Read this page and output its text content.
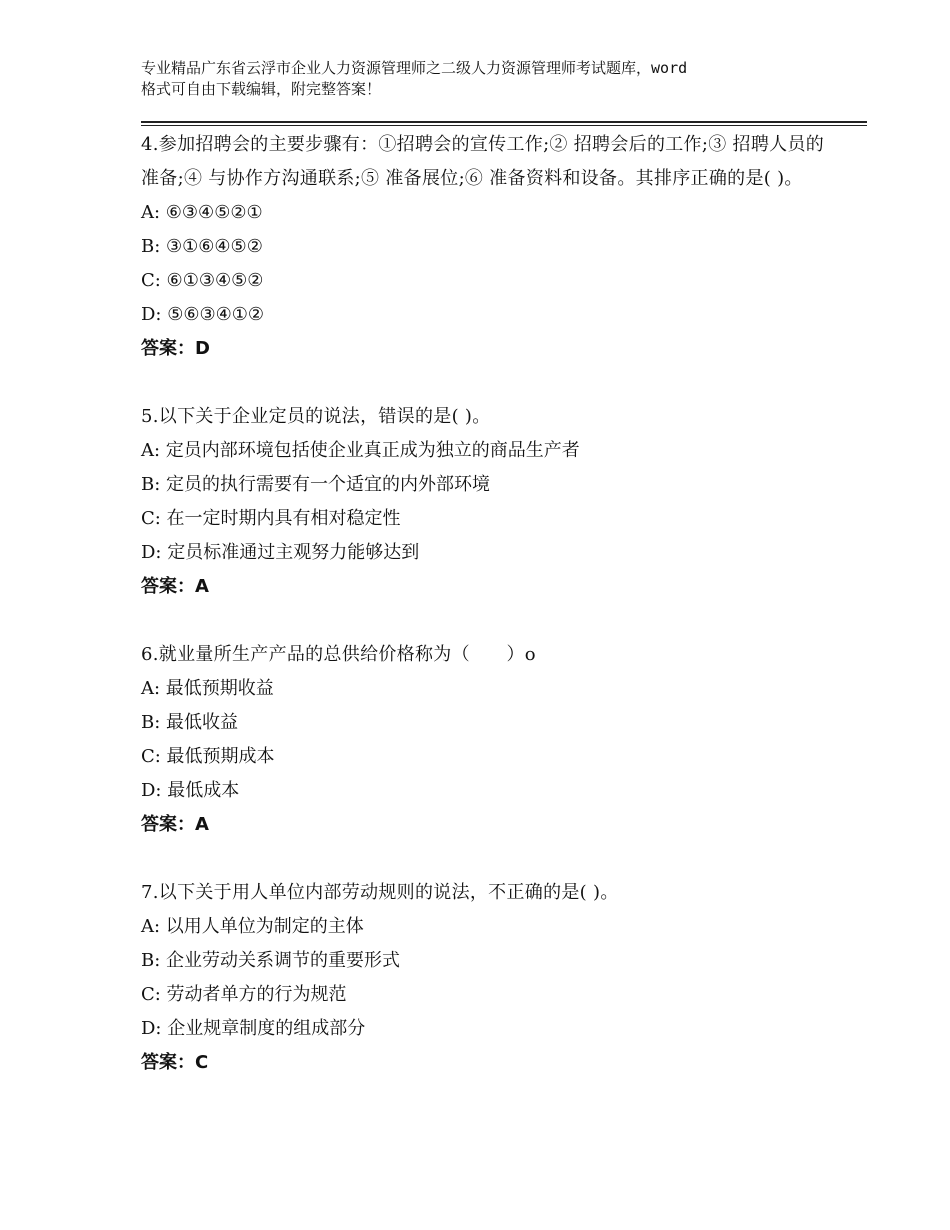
专业精品广东省云浮市企业人力资源管理师之二级人力资源管理师考试题库，word
格式可自由下载编辑，附完整答案！

4.参加招聘会的主要步骤有：①招聘会的宣传工作;② 招聘会后的工作;③ 招聘人员的准备;④ 与协作方沟通联系;⑤ 准备展位;⑥ 准备资料和设备。其排序正确的是( )。

A: ⑥③④⑤②①

B: ③①⑥④⑤②

C: ⑥①③④⑤②

D: ⑤⑥③④①②

答案：D

5.以下关于企业定员的说法，错误的是( )。

A: 定员内部环境包括使企业真正成为独立的商品生产者

B: 定员的执行需要有一个适宜的内外部环境

C: 在一定时期内具有相对稳定性

D: 定员标准通过主观努力能够达到

答案：A

6.就业量所生产产品的总供给价格称为（　　）o

A: 最低预期收益

B: 最低收益

C: 最低预期成本

D: 最低成本

答案：A

7.以下关于用人单位内部劳动规则的说法，不正确的是( )。

A: 以用人单位为制定的主体

B: 企业劳动关系调节的重要形式

C: 劳动者单方的行为规范

D: 企业规章制度的组成部分

答案：C
